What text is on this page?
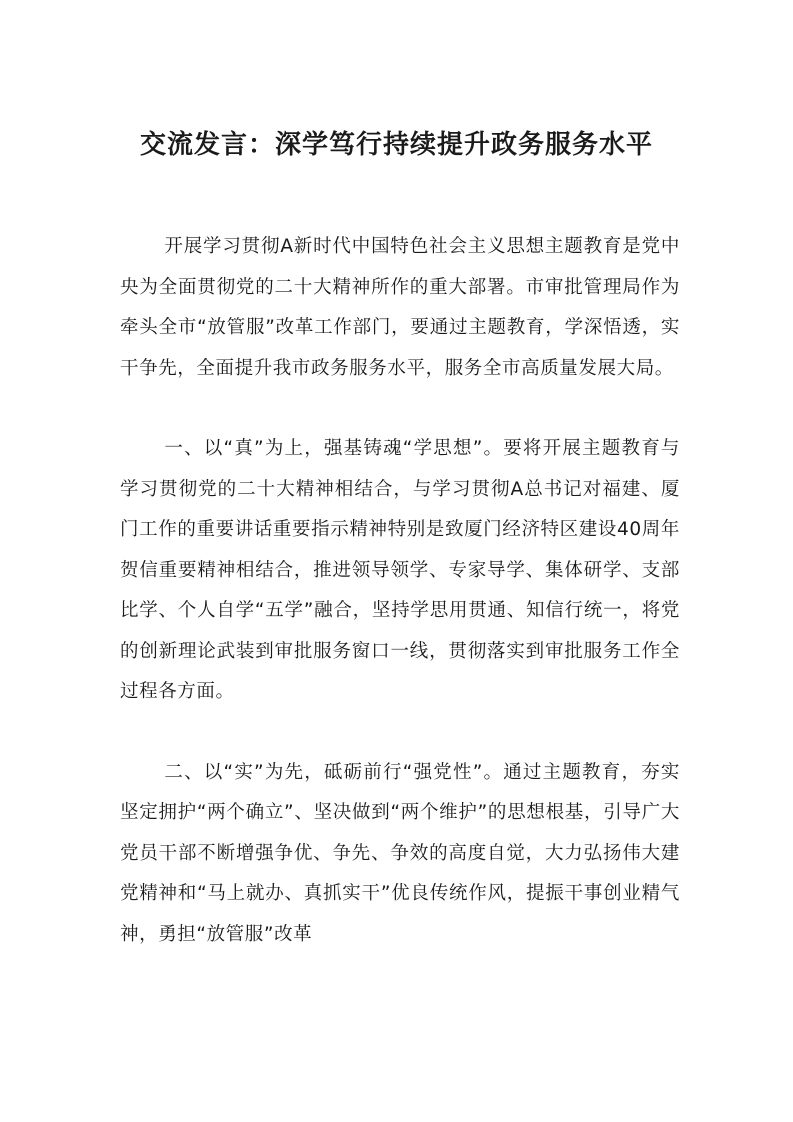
交流发言：深学笃行持续提升政务服务水平

开展学习贯彻A新时代中国特色社会主义思想主题教育是党中央为全面贯彻党的二十大精神所作的重大部署。市审批管理局作为牵头全市“放管服”改革工作部门，要通过主题教育，学深悟透，实干争先，全面提升我市政务服务水平，服务全市高质量发展大局。

一、以“真”为上，强基铸魂“学思想”。要将开展主题教育与学习贯彻党的二十大精神相结合，与学习贯彻A总书记对福建、厦门工作的重要讲话重要指示精神特别是致厦门经济特区建设40周年贺信重要精神相结合，推进领导领学、专家导学、集体研学、支部比学、个人自学“五学”融合，坚持学思用贯通、知信行统一，将党的创新理论武装到审批服务窗口一线，贯彻落实到审批服务工作全过程各方面。

二、以“实”为先，砥砺前行“强党性”。通过主题教育，夯实坚定拥护“两个确立”、坚决做到“两个维护”的思想根基，引导广大党员干部不断增强争优、争先、争效的高度自觉，大力弘扬伟大建党精神和“马上就办、真抓实干”优良传统作风，提振干事创业精气神，勇担“放管服”改革
